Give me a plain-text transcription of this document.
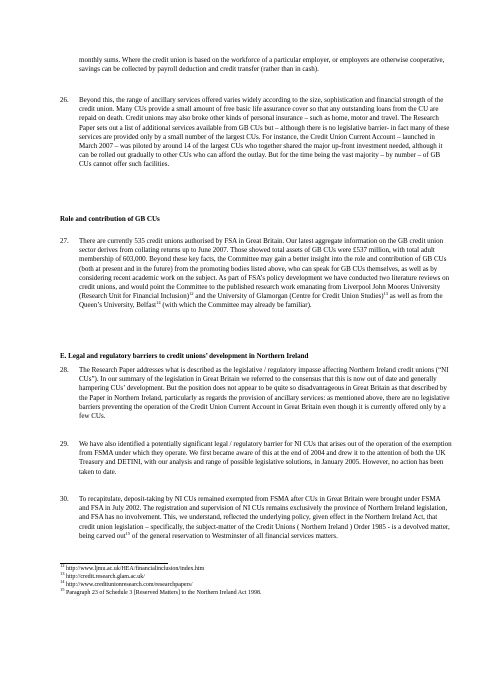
monthly sums. Where the credit union is based on the workforce of a particular employer, or employers are otherwise cooperative, savings can be collected by payroll deduction and credit transfer (rather than in cash).
26. Beyond this, the range of ancillary services offered varies widely according to the size, sophistication and financial strength of the credit union. Many CUs provide a small amount of free basic life assurance cover so that any outstanding loans from the CU are repaid on death. Credit unions may also broke other kinds of personal insurance – such as home, motor and travel. The Research Paper sets out a list of additional services available from GB CUs but – although there is no legislative barrier- in fact many of these services are provided only by a small number of the largest CUs. For instance, the Credit Union Current Account – launched in March 2007 – was piloted by around 14 of the largest CUs who together shared the major up-front investment needed, although it can be rolled out gradually to other CUs who can afford the outlay. But for the time being the vast majority – by number – of GB CUs cannot offer such facilities.
Role and contribution of GB CUs
27. There are currently 535 credit unions authorised by FSA in Great Britain. Our latest aggregate information on the GB credit union sector derives from collating returns up to June 2007. Those showed total assets of GB CUs were £537 million, with total adult membership of 603,000. Beyond these key facts, the Committee may gain a better insight into the role and contribution of GB CUs (both at present and in the future) from the promoting bodies listed above, who can speak for GB CUs themselves, as well as by considering recent academic work on the subject. As part of FSA’s policy development we have conducted two literature reviews on credit unions, and would point the Committee to the published research work emanating from Liverpool John Moores University (Research Unit for Financial Inclusion)$^{12}$ and the University of Glamorgan (Centre for Credit Union Studies)$^{13}$ as well as from the Queen’s University, Belfast$^{14}$ (with which the Committee may already be familiar).
E. Legal and regulatory barriers to credit unions’ development in Northern Ireland
28. The Research Paper addresses what is described as the legislative / regulatory impasse affecting Northern Ireland credit unions (“NI CUs”). In our summary of the legislation in Great Britain we referred to the consensus that this is now out of date and generally hampering CUs’ development. But the position does not appear to be quite so disadvantageous in Great Britain as that described by the Paper in Northern Ireland, particularly as regards the provision of ancillary services: as mentioned above, there are no legislative barriers preventing the operation of the Credit Union Current Account in Great Britain even though it is currently offered only by a few CUs.
29. We have also identified a potentially significant legal / regulatory barrier for NI CUs that arises out of the operation of the exemption from FSMA under which they operate. We first became aware of this at the end of 2004 and drew it to the attention of both the UK Treasury and DETINI, with our analysis and range of possible legislative solutions, in January 2005. However, no action has been taken to date.
30. To recapitulate, deposit-taking by NI CUs remained exempted from FSMA after CUs in Great Britain were brought under FSMA and FSA in July 2002. The registration and supervision of NI CUs remains exclusively the province of Northern Ireland legislation, and FSA has no involvement. This, we understand, reflected the underlying policy, given effect in the Northern Ireland Act, that credit union legislation – specifically, the subject-matter of the Credit Unions ( Northern Ireland ) Order 1985 - is a devolved matter, being carved out$^{15}$ of the general reservation to Westminster of all financial services matters.
$^{12}$ http://www.ljmu.ac.uk/HEA/financialinclusion/index.htm
$^{13}$ http://credit.research.glam.ac.uk/
$^{14}$ http://www.creditunionresearch.com/researchpapers/
$^{15}$ Paragraph 23 of Schedule 3 [Reserved Matters] to the Northern Ireland Act 1998.
